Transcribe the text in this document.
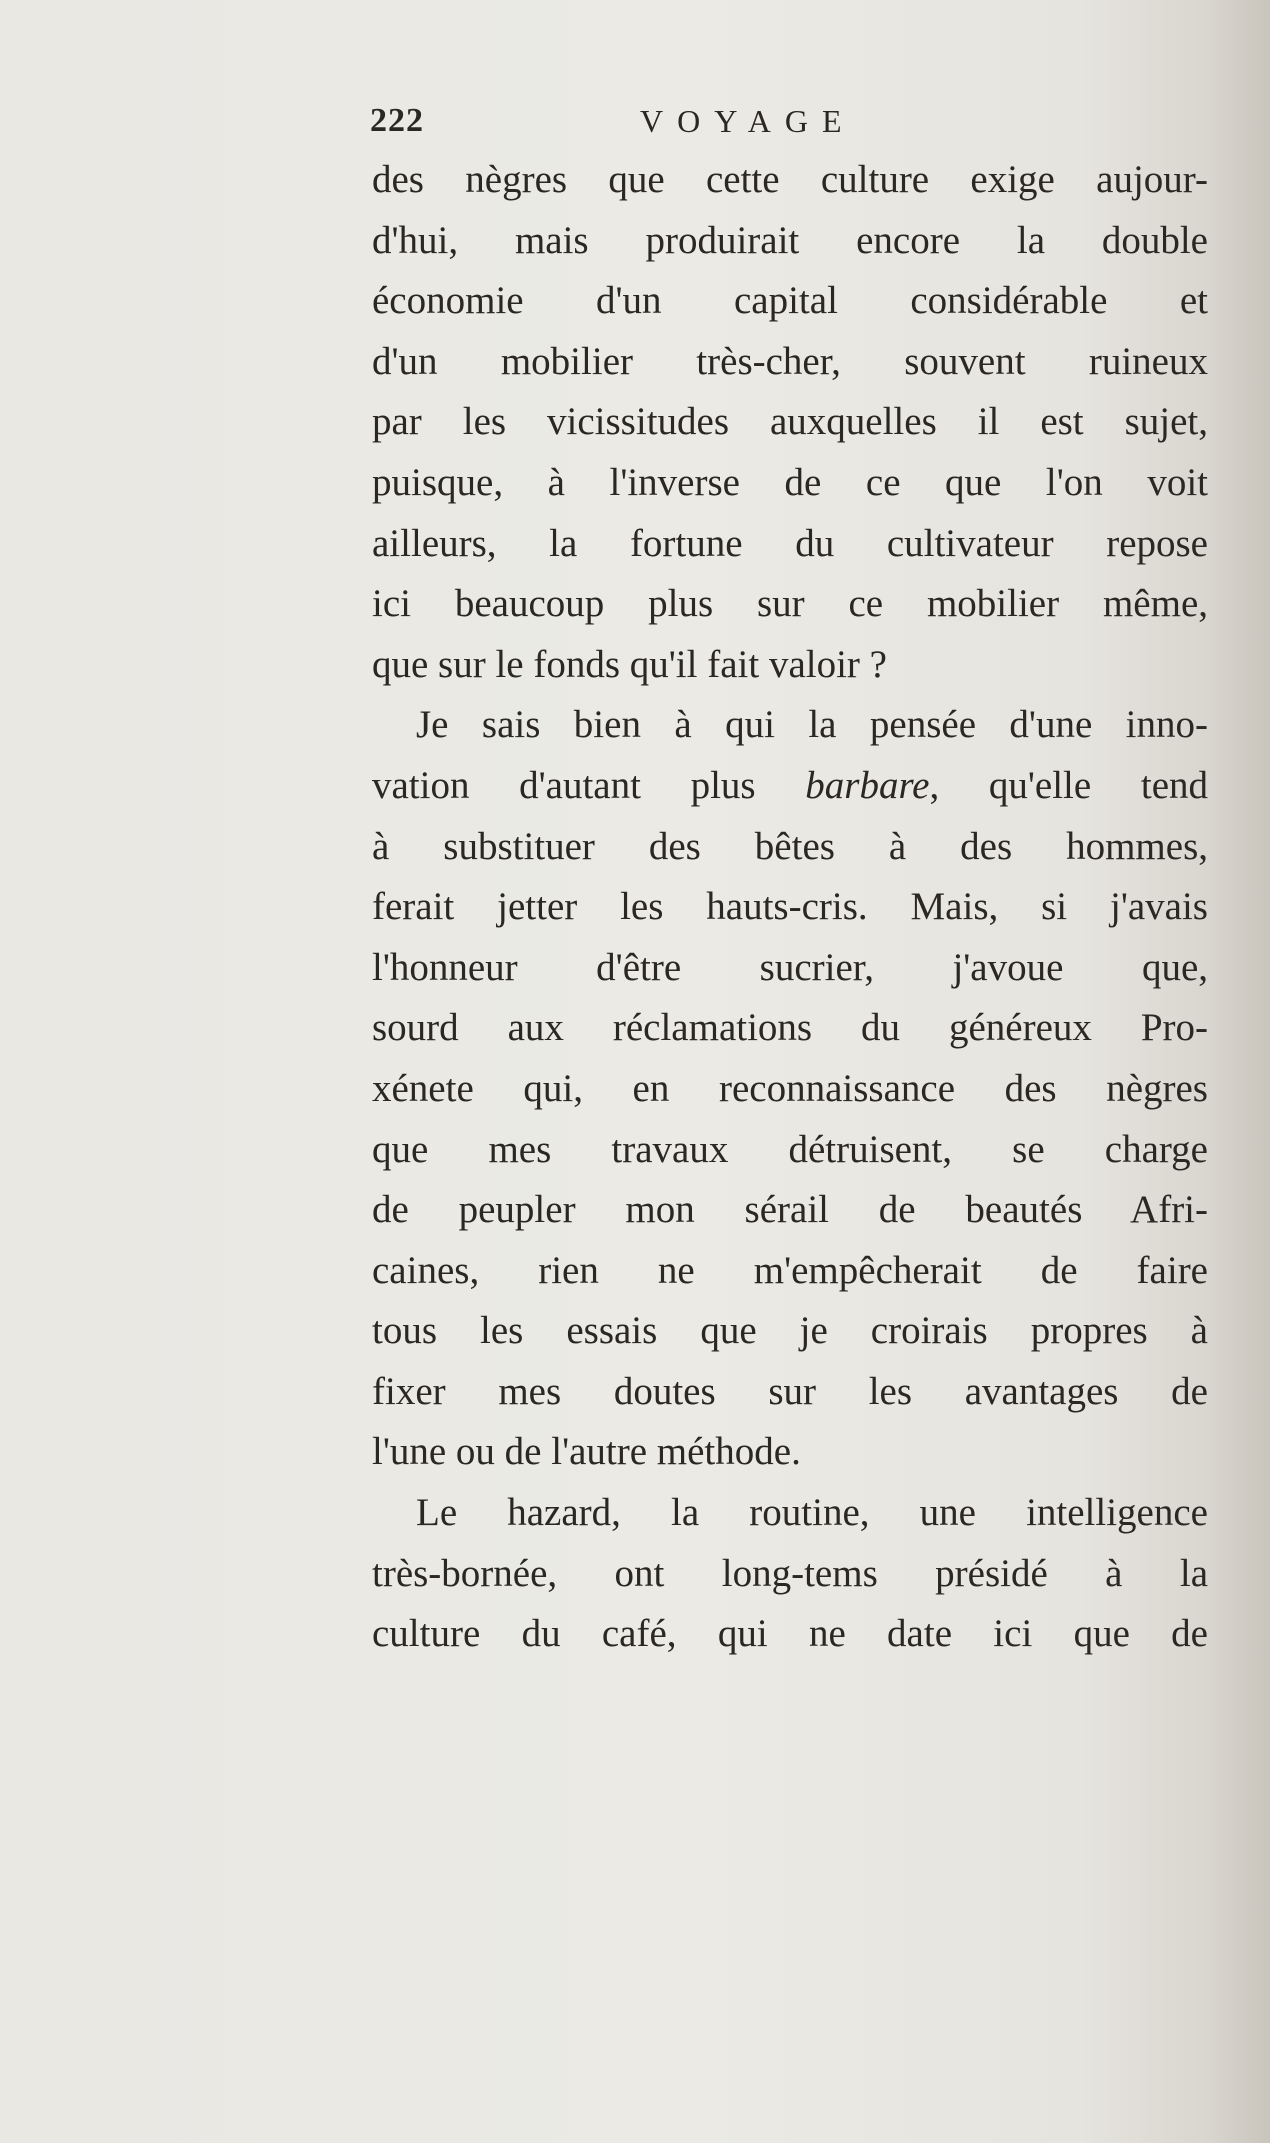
222	VOYAGE
des nègres que cette culture exige aujour-
d'hui, mais produirait encore la double
économie d'un capital considérable et
d'un mobilier très-cher, souvent ruineux
par les vicissitudes auxquelles il est sujet,
puisque, à l'inverse de ce que l'on voit
ailleurs, la fortune du cultivateur repose
ici beaucoup plus sur ce mobilier même,
que sur le fonds qu'il fait valoir ?
Je sais bien à qui la pensée d'une inno-
vation d'autant plus barbare, qu'elle tend
à substituer des bêtes à des hommes,
ferait jetter les hauts-cris. Mais, si j'avais
l'honneur d'être sucrier, j'avoue que,
sourd aux réclamations du généreux Pro-
xénete qui, en reconnaissance des nègres
que mes travaux détruisent, se charge
de peupler mon sérail de beautés Afri-
caines, rien ne m'empêcherait de faire
tous les essais que je croirais propres à
fixer mes doutes sur les avantages de
l'une ou de l'autre méthode.
Le hazard, la routine, une intelligence
très-bornée, ont long-tems présidé à la
culture du café, qui ne date ici que de
